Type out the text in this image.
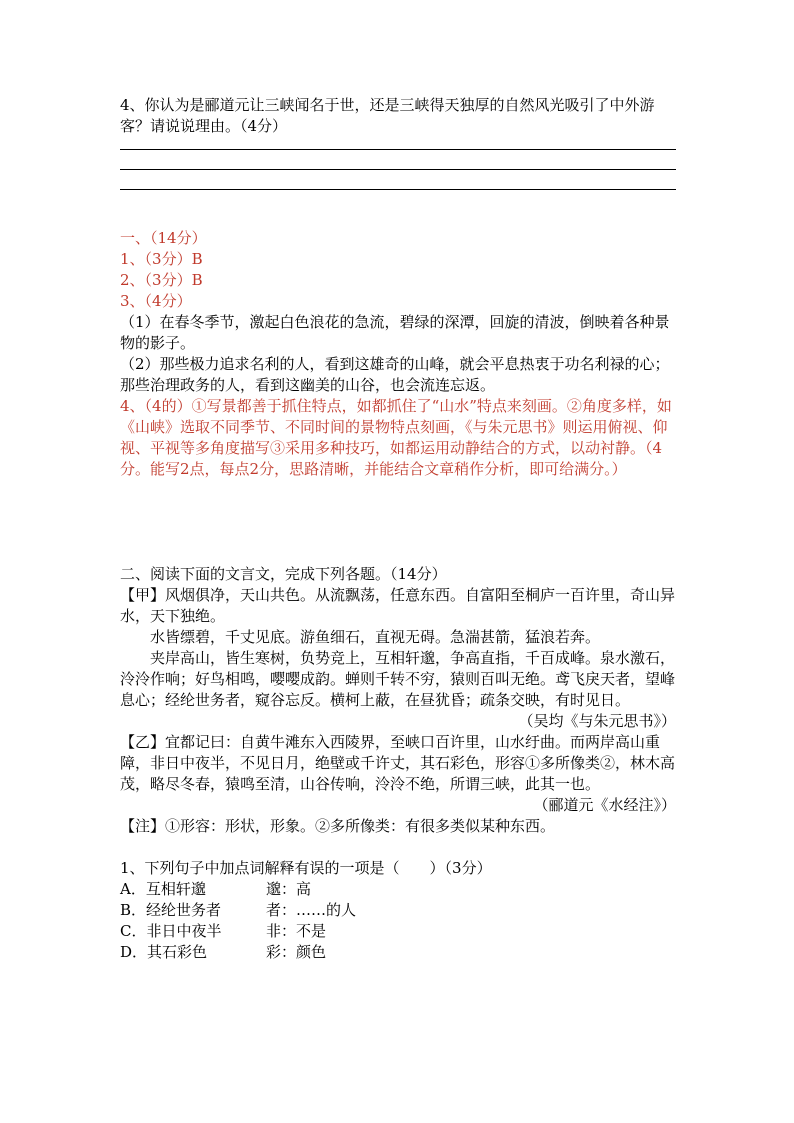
4、你认为是郦道元让三峡闻名于世，还是三峡得天独厚的自然风光吸引了中外游客？请说说理由。（4分）

一、（14分）

1、（3分）B

2、（3分）B

3、（4分）

（1）在春冬季节，激起白色浪花的急流，碧绿的深潭，回旋的清波，倒映着各种景物的影子。

（2）那些极力追求名利的人，看到这雄奇的山峰，就会平息热衷于功名利禄的心；那些治理政务的人，看到这幽美的山谷，也会流连忘返。

4、（4的）①写景都善于抓住特点，如都抓住了“山水”特点来刻画。②角度多样，如《山峡》选取不同季节、不同时间的景物特点刻画，《与朱元思书》则运用俯视、仰视、平视等多角度描写③采用多种技巧，如都运用动静结合的方式，以动衬静。（4分。能写2点，每点2分，思路清晰，并能结合文章稍作分析，即可给满分。）

二、阅读下面的文言文，完成下列各题。（14分）

【甲】风烟俱净，天山共色。从流飘荡，任意东西。自富阳至桐庐一百许里，奇山异水，天下独绝。

水皆缥碧，千丈见底。游鱼细石，直视无碍。急湍甚箭，猛浪若奔。

夹岸高山，皆生寒树，负势竞上，互相轩邈，争高直指，千百成峰。泉水激石，泠泠作响；好鸟相鸣，嘤嘤成韵。蝉则千转不穷，猿则百叫无绝。鸢飞戾天者，望峰息心；经纶世务者，窥谷忘反。横柯上蔽，在昼犹昏；疏条交映，有时见日。

（吴均《与朱元思书》）

【乙】宜都记曰：自黄牛滩东入西陵界，至峡口百许里，山水纡曲。而两岸高山重障，非日中夜半，不见日月，绝壁或千许丈，其石彩色，形容①多所像类②，林木高茂，略尽冬春，猿鸣至清，山谷传响，泠泠不绝，所谓三峡，此其一也。

（郦道元《水经注》）

【注】①形容：形状，形象。②多所像类：有很多类似某种东西。

1、下列句子中加点词解释有误的一项是（　　）（3分）

A．互相轩邈	邈：高
B．经纶世务者	者：……的人
C．非日中夜半	非：不是
D．其石彩色	彩：颜色
